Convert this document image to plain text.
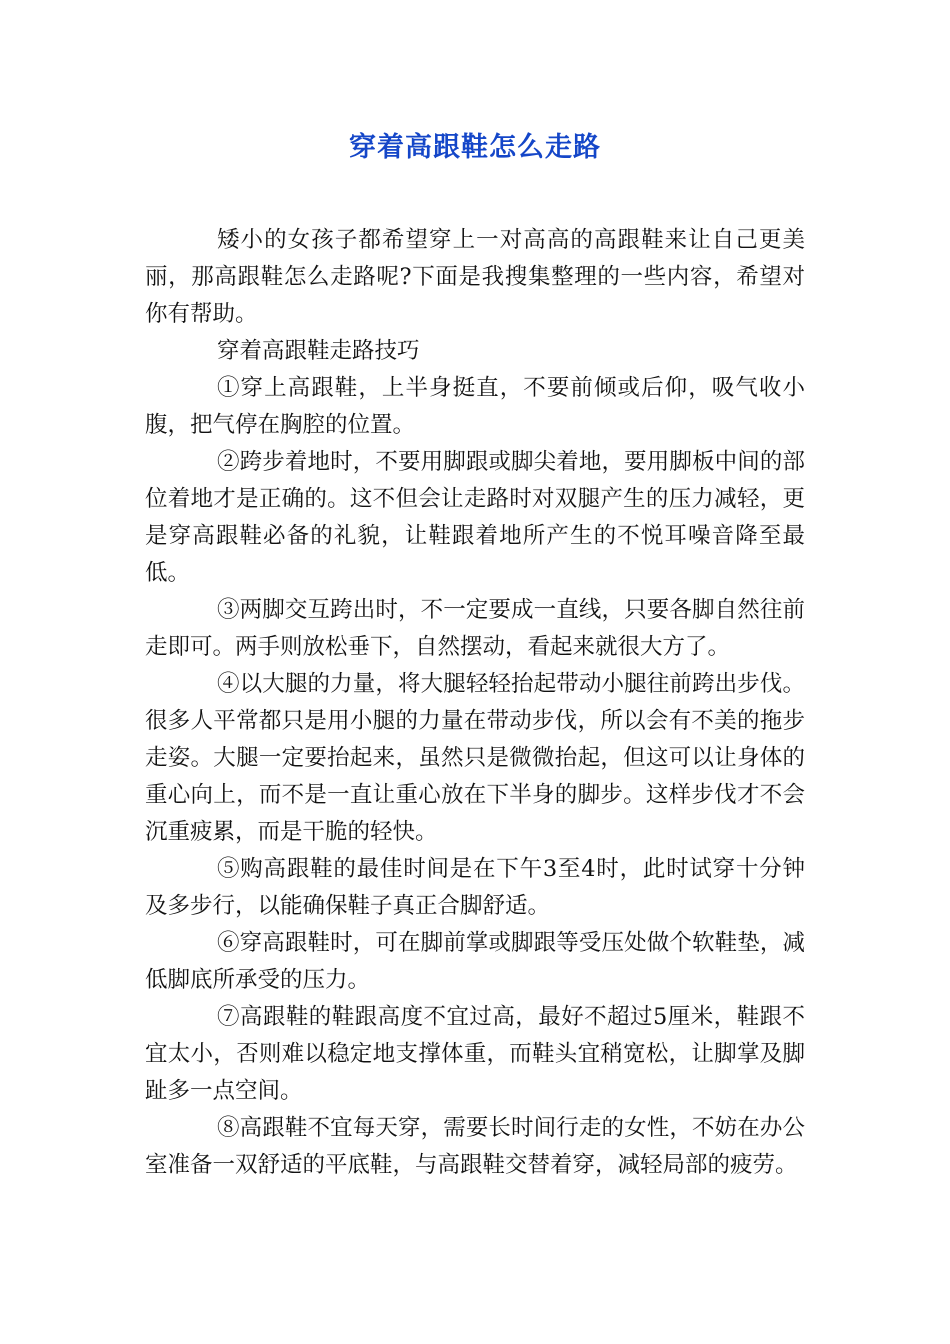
穿着高跟鞋怎么走路

矮小的女孩子都希望穿上一对高高的高跟鞋来让自己更美丽，那高跟鞋怎么走路呢?下面是我搜集整理的一些内容，希望对你有帮助。

穿着高跟鞋走路技巧

①穿上高跟鞋，上半身挺直，不要前倾或后仰，吸气收小腹，把气停在胸腔的位置。

②跨步着地时，不要用脚跟或脚尖着地，要用脚板中间的部位着地才是正确的。这不但会让走路时对双腿产生的压力减轻，更是穿高跟鞋必备的礼貌，让鞋跟着地所产生的不悦耳噪音降至最低。

③两脚交互跨出时，不一定要成一直线，只要各脚自然往前走即可。两手则放松垂下，自然摆动，看起来就很大方了。

④以大腿的力量，将大腿轻轻抬起带动小腿往前跨出步伐。很多人平常都只是用小腿的力量在带动步伐，所以会有不美的拖步走姿。大腿一定要抬起来，虽然只是微微抬起，但这可以让身体的重心向上，而不是一直让重心放在下半身的脚步。这样步伐才不会沉重疲累，而是干脆的轻快。

⑤购高跟鞋的最佳时间是在下午3至4时，此时试穿十分钟及多步行，以能确保鞋子真正合脚舒适。

⑥穿高跟鞋时，可在脚前掌或脚跟等受压处做个软鞋垫，减低脚底所承受的压力。

⑦高跟鞋的鞋跟高度不宜过高，最好不超过5厘米，鞋跟不宜太小，否则难以稳定地支撑体重，而鞋头宜稍宽松，让脚掌及脚趾多一点空间。

⑧高跟鞋不宜每天穿，需要长时间行走的女性，不妨在办公室准备一双舒适的平底鞋，与高跟鞋交替着穿，减轻局部的疲劳。
